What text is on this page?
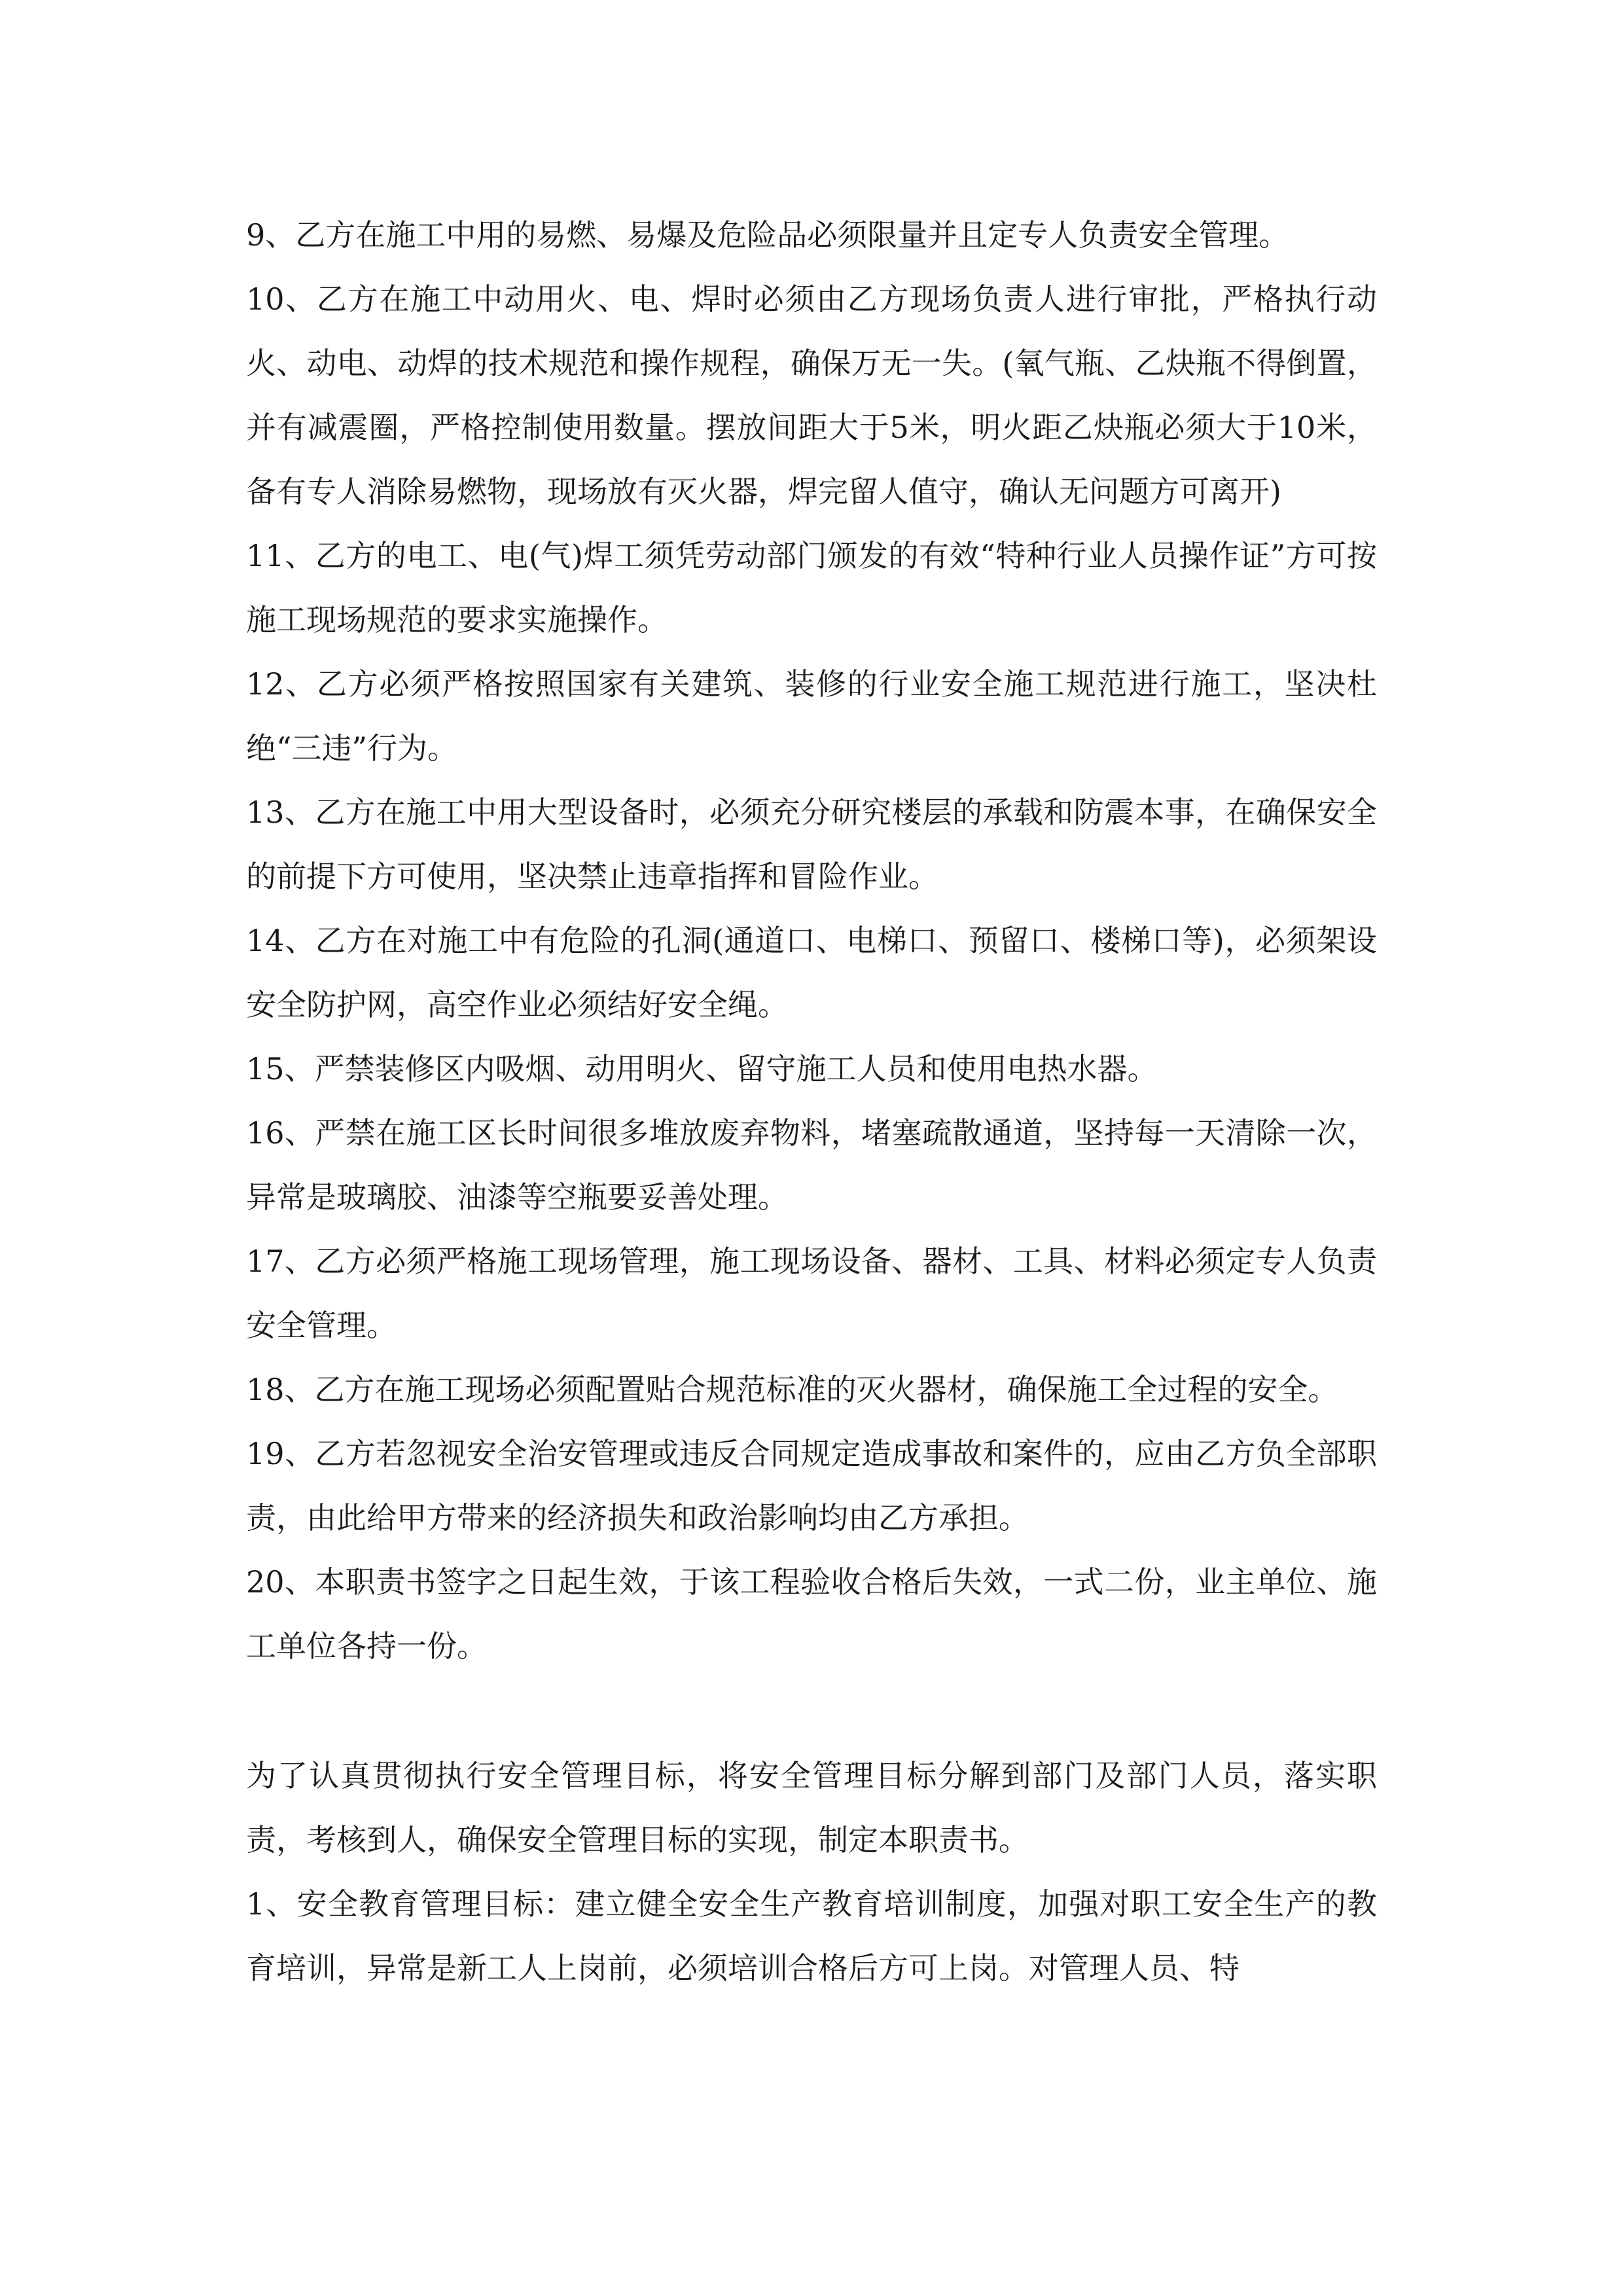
9、乙方在施工中用的易燃、易爆及危险品必须限量并且定专人负责安全管理。

10、乙方在施工中动用火、电、焊时必须由乙方现场负责人进行审批，严格执行动火、动电、动焊的技术规范和操作规程，确保万无一失。(氧气瓶、乙炔瓶不得倒置，并有减震圈，严格控制使用数量。摆放间距大于5米，明火距乙炔瓶必须大于10米，备有专人消除易燃物，现场放有灭火器，焊完留人值守，确认无问题方可离开)

11、乙方的电工、电(气)焊工须凭劳动部门颁发的有效“特种行业人员操作证”方可按施工现场规范的要求实施操作。

12、乙方必须严格按照国家有关建筑、装修的行业安全施工规范进行施工，坚决杜绝“三违”行为。

13、乙方在施工中用大型设备时，必须充分研究楼层的承载和防震本事，在确保安全的前提下方可使用，坚决禁止违章指挥和冒险作业。

14、乙方在对施工中有危险的孔洞(通道口、电梯口、预留口、楼梯口等)，必须架设安全防护网，高空作业必须结好安全绳。

15、严禁装修区内吸烟、动用明火、留守施工人员和使用电热水器。

16、严禁在施工区长时间很多堆放废弃物料，堵塞疏散通道，坚持每一天清除一次，异常是玻璃胶、油漆等空瓶要妥善处理。

17、乙方必须严格施工现场管理，施工现场设备、器材、工具、材料必须定专人负责安全管理。

18、乙方在施工现场必须配置贴合规范标准的灭火器材，确保施工全过程的安全。

19、乙方若忽视安全治安管理或违反合同规定造成事故和案件的，应由乙方负全部职责，由此给甲方带来的经济损失和政治影响均由乙方承担。

20、本职责书签字之日起生效，于该工程验收合格后失效，一式二份，业主单位、施工单位各持一份。

为了认真贯彻执行安全管理目标，将安全管理目标分解到部门及部门人员，落实职责，考核到人，确保安全管理目标的实现，制定本职责书。

1、安全教育管理目标：建立健全安全生产教育培训制度，加强对职工安全生产的教育培训，异常是新工人上岗前，必须培训合格后方可上岗。对管理人员、特
